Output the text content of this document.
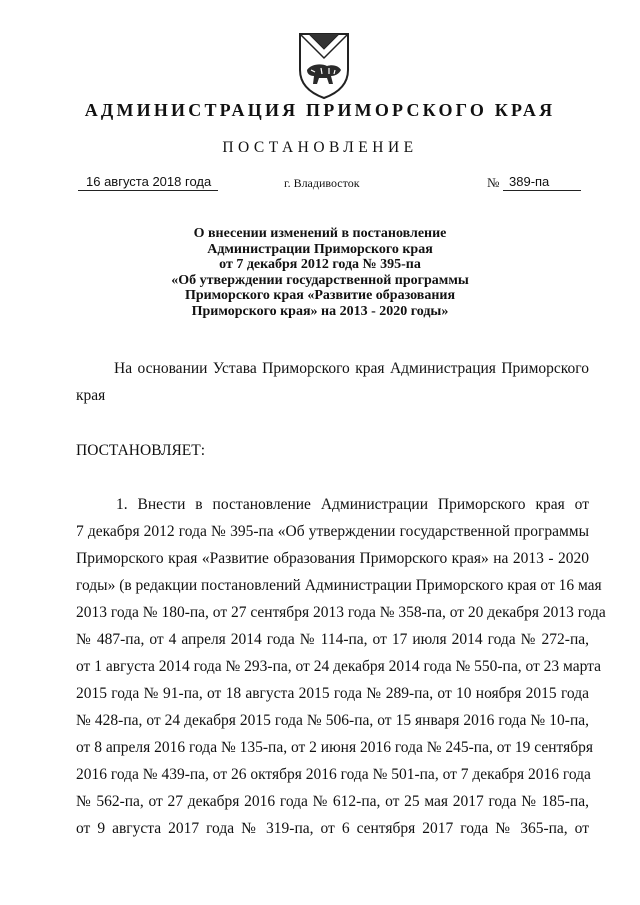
АДМИНИСТРАЦИЯ ПРИМОРСКОГО КРАЯ
ПОСТАНОВЛЕНИЕ
16 августа 2018 года	г. Владивосток	№ 389-па
О внесении изменений в постановление
Администрации Приморского края
от 7 декабря 2012 года № 395-па
«Об утверждении государственной программы
Приморского края «Развитие образования
Приморского края» на 2013 - 2020 годы»
На основании Устава Приморского края Администрация Приморского
края
ПОСТАНОВЛЯЕТ:
1. Внести в постановление Администрации Приморского края от
7 декабря 2012 года № 395-па «Об утверждении государственной программы
Приморского края «Развитие образования Приморского края» на 2013 - 2020
годы» (в редакции постановлений Администрации Приморского края от 16 мая
2013 года № 180-па, от 27 сентября 2013 года № 358-па, от 20 декабря 2013 года
№ 487-па, от 4 апреля 2014 года № 114-па, от 17 июля 2014 года № 272-па,
от 1 августа 2014 года № 293-па, от 24 декабря 2014 года № 550-па, от 23 марта
2015 года № 91-па, от 18 августа 2015 года № 289-па, от 10 ноября 2015 года
№ 428-па, от 24 декабря 2015 года № 506-па, от 15 января 2016 года № 10-па,
от 8 апреля 2016 года № 135-па, от 2 июня 2016 года № 245-па, от 19 сентября
2016 года № 439-па, от 26 октября 2016 года № 501-па, от 7 декабря 2016 года
№ 562-па, от 27 декабря 2016 года № 612-па, от 25 мая 2017 года № 185-па,
от 9 августа 2017 года № 319-па, от 6 сентября 2017 года № 365-па, от
